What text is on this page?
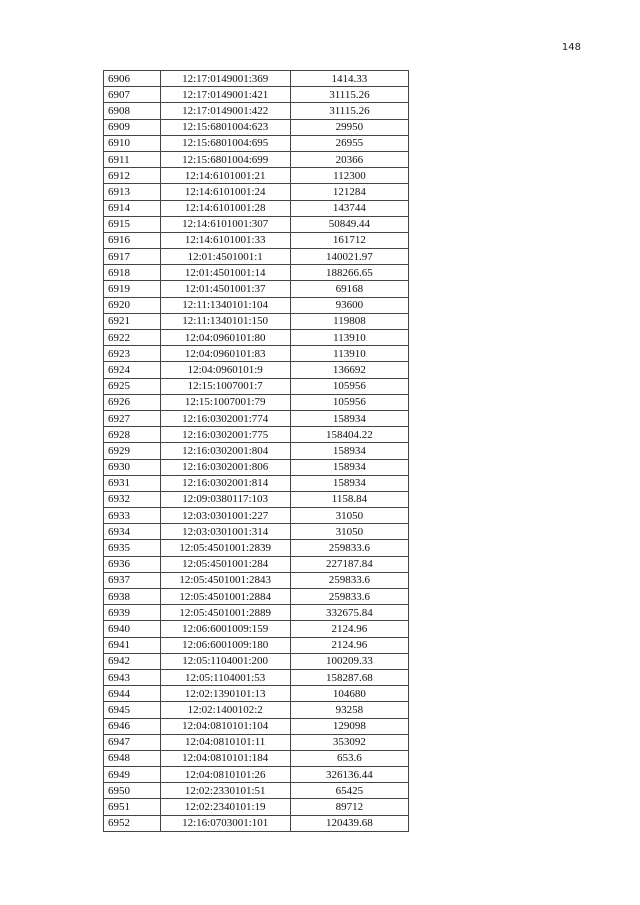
148
6906	12:17:0149001:369	1414.33
6907	12:17:0149001:421	31115.26
6908	12:17:0149001:422	31115.26
6909	12:15:6801004:623	29950
6910	12:15:6801004:695	26955
6911	12:15:6801004:699	20366
6912	12:14:6101001:21	112300
6913	12:14:6101001:24	121284
6914	12:14:6101001:28	143744
6915	12:14:6101001:307	50849.44
6916	12:14:6101001:33	161712
6917	12:01:4501001:1	140021.97
6918	12:01:4501001:14	188266.65
6919	12:01:4501001:37	69168
6920	12:11:1340101:104	93600
6921	12:11:1340101:150	119808
6922	12:04:0960101:80	113910
6923	12:04:0960101:83	113910
6924	12:04:0960101:9	136692
6925	12:15:1007001:7	105956
6926	12:15:1007001:79	105956
6927	12:16:0302001:774	158934
6928	12:16:0302001:775	158404.22
6929	12:16:0302001:804	158934
6930	12:16:0302001:806	158934
6931	12:16:0302001:814	158934
6932	12:09:0380117:103	1158.84
6933	12:03:0301001:227	31050
6934	12:03:0301001:314	31050
6935	12:05:4501001:2839	259833.6
6936	12:05:4501001:284	227187.84
6937	12:05:4501001:2843	259833.6
6938	12:05:4501001:2884	259833.6
6939	12:05:4501001:2889	332675.84
6940	12:06:6001009:159	2124.96
6941	12:06:6001009:180	2124.96
6942	12:05:1104001:200	100209.33
6943	12:05:1104001:53	158287.68
6944	12:02:1390101:13	104680
6945	12:02:1400102:2	93258
6946	12:04:0810101:104	129098
6947	12:04:0810101:11	353092
6948	12:04:0810101:184	653.6
6949	12:04:0810101:26	326136.44
6950	12:02:2330101:51	65425
6951	12:02:2340101:19	89712
6952	12:16:0703001:101	120439.68
